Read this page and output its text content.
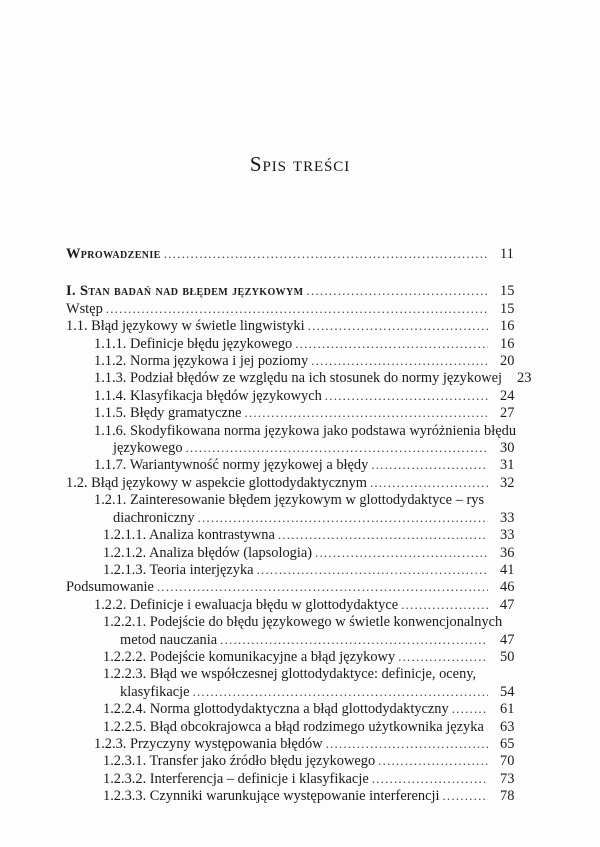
Spis treści
Wprowadzenie .....	11
I. Stan badań nad błędem językowym .....	15
Wstęp .....	15
1.1. Błąd językowy w świetle lingwistyki .....	16
1.1.1. Definicje błędu językowego .....	16
1.1.2. Norma językowa i jej poziomy .....	20
1.1.3. Podział błędów ze względu na ich stosunek do normy językowej	23
1.1.4. Klasyfikacja błędów językowych .....	24
1.1.5. Błędy gramatyczne .....	27
1.1.6. Skodyfikowana norma językowa jako podstawa wyróżnienia błędu
językowego .....	30
1.1.7. Wariantywność normy językowej a błędy .....	31
1.2. Błąd językowy w aspekcie glottodydaktycznym .....	32
1.2.1. Zainteresowanie błędem językowym w glottodydaktyce – rys
diachroniczny .....	33
1.2.1.1. Analiza kontrastywna .....	33
1.2.1.2. Analiza błędów (lapsologia) .....	36
1.2.1.3. Teoria interjęzyka .....	41
Podsumowanie .....	46
1.2.2. Definicje i ewaluacja błędu w glottodydaktyce .....	47
1.2.2.1. Podejście do błędu językowego w świetle konwencjonalnych
metod nauczania .....	47
1.2.2.2. Podejście komunikacyjne a błąd językowy .....	50
1.2.2.3. Błąd we współczesnej glottodydaktyce: definicje, oceny,
klasyfikacje .....	54
1.2.2.4. Norma glottodydaktyczna a błąd glottodydaktyczny .....	61
1.2.2.5. Błąd obcokrajowca a błąd rodzimego użytkownika języka .....	63
1.2.3. Przyczyny występowania błędów .....	65
1.2.3.1. Transfer jako źródło błędu językowego .....	70
1.2.3.2. Interferencja – definicje i klasyfikacje .....	73
1.2.3.3. Czynniki warunkujące występowanie interferencji .....	78
